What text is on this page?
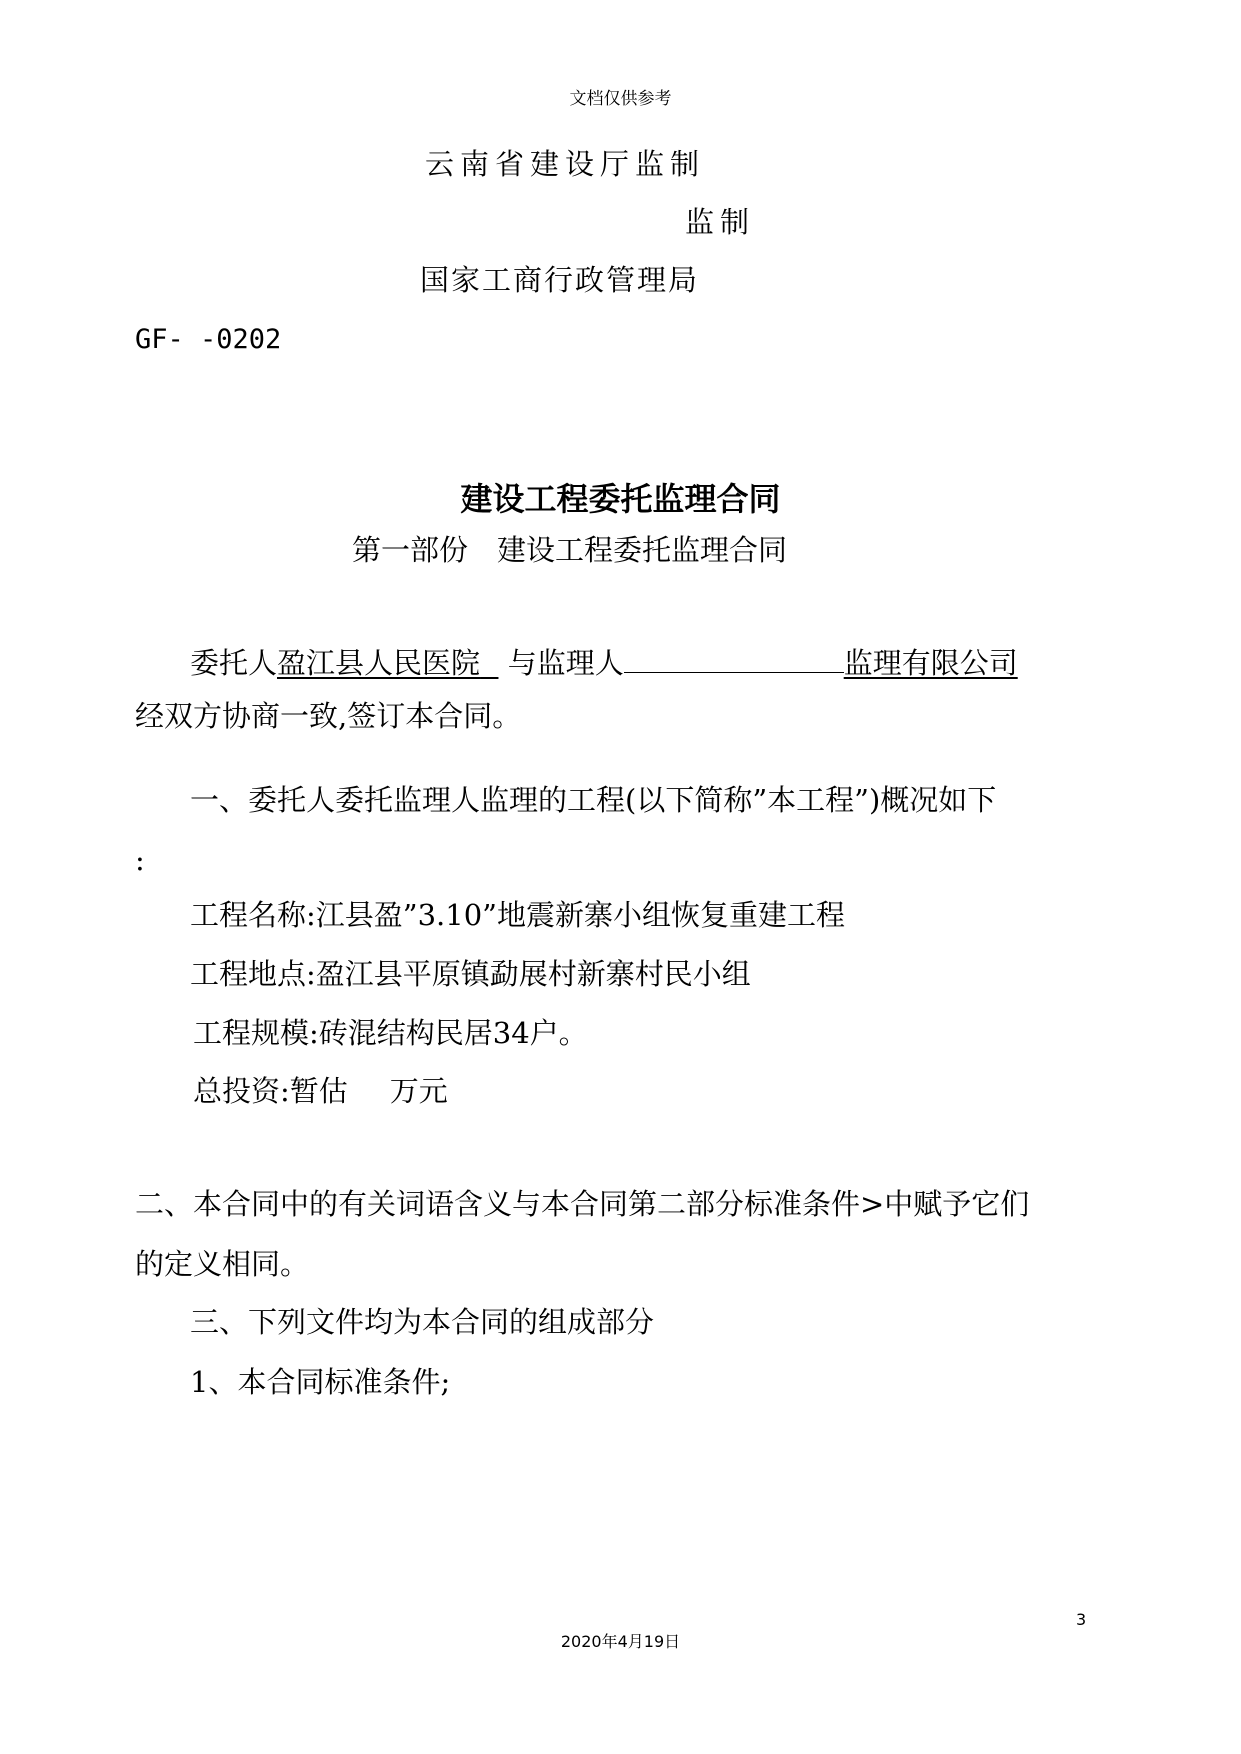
文档仅供参考
云南省建设厅监制
监制
国家工商行政管理局
GF- -0202
建设工程委托监理合同
第一部份　建设工程委托监理合同
委托人盈江县人民医院 与监理人	监理有限公司
经双方协商一致,签订本合同。
一、委托人委托监理人监理的工程(以下简称”本工程”)概况如下
:
工程名称:江县盈”3.10”地震新寨小组恢复重建工程
工程地点:盈江县平原镇勐展村新寨村民小组
工程规模:砖混结构民居34户。
总投资:暂估 万元
二、本合同中的有关词语含义与本合同第二部分标准条件>中赋予它们
的定义相同。
三、下列文件均为本合同的组成部分
1、本合同标准条件;
3
2020年4月19日
